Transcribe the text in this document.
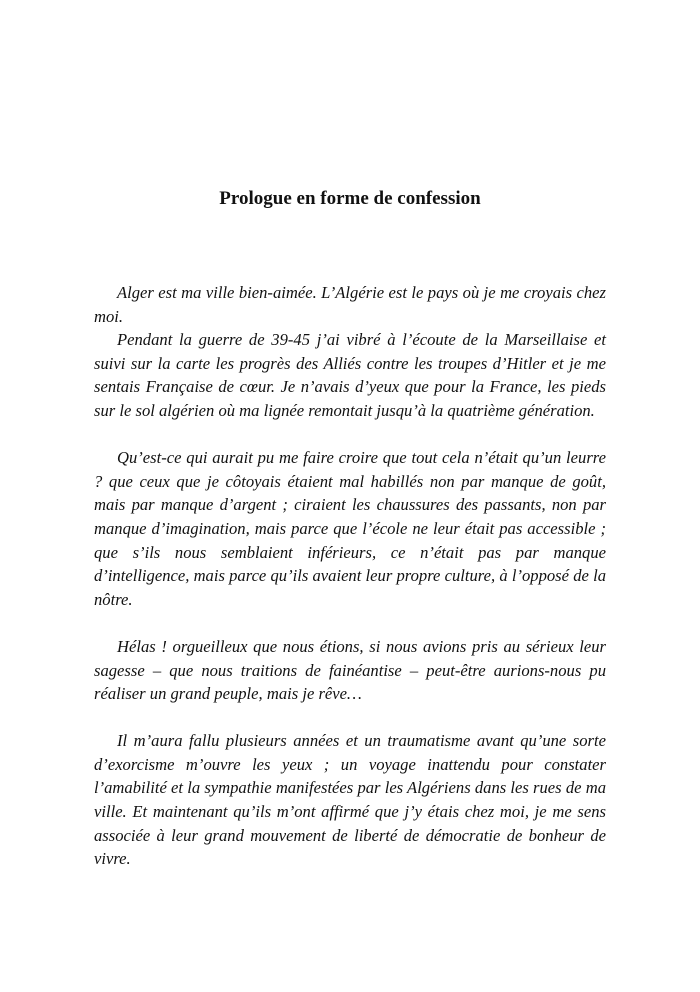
Prologue en forme de confession

Alger est ma ville bien-aimée. L’Algérie est le pays où je me croyais chez moi.

Pendant la guerre de 39-45 j’ai vibré à l’écoute de la Marseillaise et suivi sur la carte les progrès des Alliés contre les troupes d’Hitler et je me sentais Française de cœur. Je n’avais d’yeux que pour la France, les pieds sur le sol algérien où ma lignée remontait jusqu’à la quatrième génération.

Qu’est-ce qui aurait pu me faire croire que tout cela n’était qu’un leurre ? que ceux que je côtoyais étaient mal habillés non par manque de goût, mais par manque d’argent ; ciraient les chaussures des passants, non par manque d’imagination, mais parce que l’école ne leur était pas accessible ; que s’ils nous semblaient inférieurs, ce n’était pas par manque d’intelligence, mais parce qu’ils avaient leur propre culture, à l’opposé de la nôtre.

Hélas ! orgueilleux que nous étions, si nous avions pris au sérieux leur sagesse – que nous traitions de fainéantise – peut-être aurions-nous pu réaliser un grand peuple, mais je rêve…

Il m’aura fallu plusieurs années et un traumatisme avant qu’une sorte d’exorcisme m’ouvre les yeux ; un voyage inattendu pour constater l’amabilité et la sympathie manifestées par les Algériens dans les rues de ma ville. Et maintenant qu’ils m’ont affirmé que j’y étais chez moi, je me sens associée à leur grand mouvement de liberté de démocratie de bonheur de vivre.
